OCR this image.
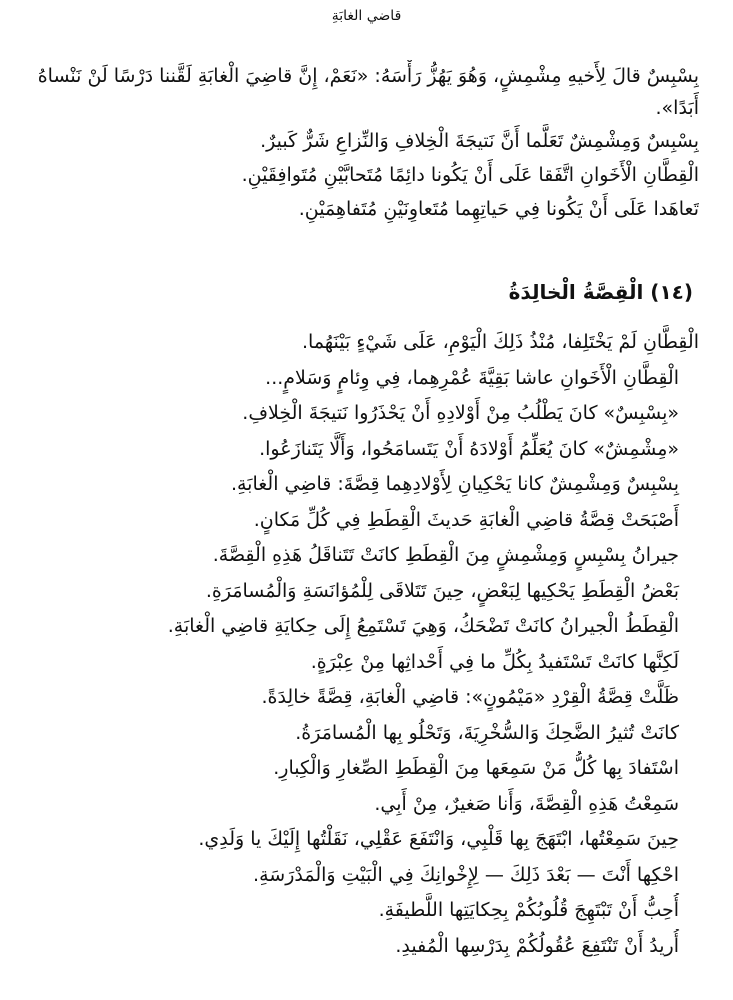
قاضي الغابَةِ
بِسْبِسٌ قالَ لِأَخيهِ مِشْمِشٍ، وَهُوَ يَهُزُّ رَأْسَهُ: «نَعَمْ، إِنَّ قاضِيَ الْغابَةِ لَقَّننا دَرْسًا لَنْ نَنْساهُ أَبَدًا».
بِسْبِسٌ وَمِشْمِشٌ تَعَلَّما أَنَّ نَتيجَةَ الْخِلافِ وَالنِّزاعِ شَرٌّ كَبيرٌ.
الْقِطَّانِ الْأَخَوانِ اتَّفَقا عَلَى أَنْ يَكُونا دائِمًا مُتَحابَّيْنِ مُتَوافِقَيْنِ.
تَعاهَدا عَلَى أَنْ يَكُونا فِي حَياتِهِما مُتَعاوِنَيْنِ مُتَفاهِمَيْنِ.
(١٤) الْقِصَّةُ الْخالِدَةُ
الْقِطَّانِ لَمْ يَخْتَلِفا، مُنْذُ ذَلِكَ الْيَوْمِ، عَلَى شَيْءٍ بَيْنَهُما.
الْقِطَّانِ الْأَخَوانِ عاشا بَقِيَّةَ عُمْرِهِما، فِي وِئامٍ وَسَلامٍ...
«بِسْبِسٌ» كانَ يَطْلُبُ مِنْ أَوْلادِهِ أَنْ يَحْذَرُوا نَتيجَةَ الْخِلافِ.
«مِشْمِشٌ» كانَ يُعَلِّمُ أَوْلادَهُ أَنْ يَتَسامَحُوا، وَأَلَّا يَتَنازَعُوا.
بِسْبِسٌ وَمِشْمِشٌ كانا يَحْكِيانِ لِأَوْلادِهِما قِصَّةَ: قاضِي الْغابَةِ.
أَصْبَحَتْ قِصَّةُ قاضِي الْغابَةِ حَديثَ الْقِطَطِ فِي كُلِّ مَكانٍ.
جيرانُ بِسْبِسٍ وَمِشْمِشٍ مِنَ الْقِطَطِ كانَتْ تَتَناقَلُ هَذِهِ الْقِصَّةَ.
بَعْضُ الْقِطَطِ يَحْكِيها لِبَعْضٍ، حِينَ تَتَلاقَى لِلْمُؤانَسَةِ وَالْمُسامَرَةِ.
الْقِطَطُ الْجيرانُ كانَتْ تَضْحَكُ، وَهِيَ تَسْتَمِعُ إِلَى حِكايَةِ قاضِي الْغابَةِ.
لَكِنَّها كانَتْ تَسْتَفيدُ بِكُلِّ ما فِي أَحْداثِها مِنْ عِبْرَةٍ.
ظَلَّتْ قِصَّةُ الْقِرْدِ «مَيْمُونٍ»: قاضِي الْغابَةِ، قِصَّةً خالِدَةً.
كانَتْ تُثيرُ الضَّحِكَ وَالسُّخْرِيَةَ، وَتَحْلُو بِها الْمُسامَرَةُ.
اسْتَفادَ بِها كُلُّ مَنْ سَمِعَها مِنَ الْقِطَطِ الصِّغارِ وَالْكِبارِ.
سَمِعْتُ هَذِهِ الْقِصَّةَ، وَأَنا صَغيرٌ، مِنْ أَبِي.
حِينَ سَمِعْتُها، ابْتَهَجَ بِها قَلْبِي، وَانْتَفَعَ عَقْلِي، نَقَلْتُها إِلَيْكَ يا وَلَدِي.
احْكِها أَنْتَ — بَعْدَ ذَلِكَ — لِإِخْوانِكَ فِي الْبَيْتِ وَالْمَدْرَسَةِ.
أُحِبُّ أَنْ تَبْتَهِجَ قُلُوبُكُمْ بِحِكايَتِها اللَّطيفَةِ.
أُريدُ أَنْ تَنْتَفِعَ عُقُولُكُمْ بِدَرْسِها الْمُفيدِ.
